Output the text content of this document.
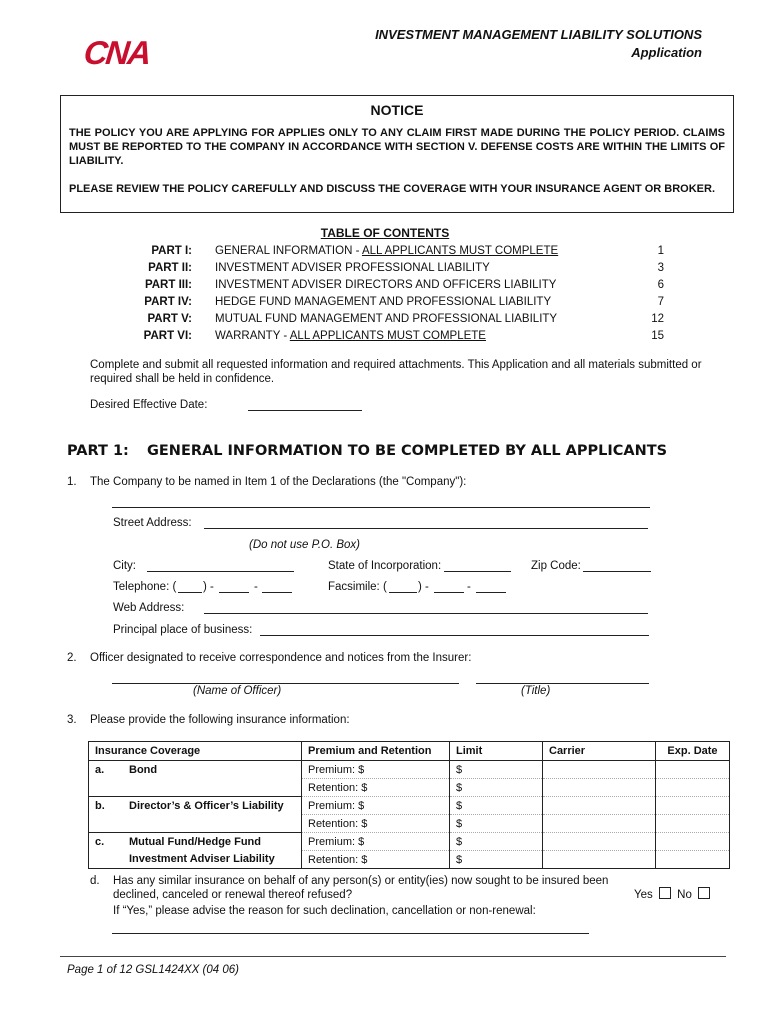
CNA	INVESTMENT MANAGEMENT LIABILITY SOLUTIONS
Application
NOTICE
THE POLICY YOU ARE APPLYING FOR APPLIES ONLY TO ANY CLAIM FIRST MADE DURING THE POLICY PERIOD. CLAIMS MUST BE REPORTED TO THE COMPANY IN ACCORDANCE WITH SECTION V. DEFENSE COSTS ARE WITHIN THE LIMITS OF LIABILITY.
PLEASE REVIEW THE POLICY CAREFULLY AND DISCUSS THE COVERAGE WITH YOUR INSURANCE AGENT OR BROKER.
TABLE OF CONTENTS
PART I: GENERAL INFORMATION - ALL APPLICANTS MUST COMPLETE	1
PART II: INVESTMENT ADVISER PROFESSIONAL LIABILITY	3
PART III: INVESTMENT ADVISER DIRECTORS AND OFFICERS LIABILITY	6
PART IV: HEDGE FUND MANAGEMENT AND PROFESSIONAL LIABILITY	7
PART V: MUTUAL FUND MANAGEMENT AND PROFESSIONAL LIABILITY	12
PART VI: WARRANTY - ALL APPLICANTS MUST COMPLETE	15
Complete and submit all requested information and required attachments. This Application and all materials submitted or required shall be held in confidence.
Desired Effective Date:
PART 1: GENERAL INFORMATION TO BE COMPLETED BY ALL APPLICANTS
1. The Company to be named in Item 1 of the Declarations (the "Company"):
Street Address:
(Do not use P.O. Box)
City:	State of Incorporation:	Zip Code:
Telephone: ( ) -	-	Facsimile: (	) -	-
Web Address:
Principal place of business:
2. Officer designated to receive correspondence and notices from the Insurer:
(Name of Officer)	(Title)
3. Please provide the following insurance information:
Insurance Coverage	Premium and Retention	Limit	Carrier	Exp. Date
a. Bond	Premium: $	$		
	Retention: $	$		
b. Director’s & Officer’s Liability	Premium: $	$		
	Retention: $	$		
c. Mutual Fund/Hedge Fund	Premium: $	$		
Investment Adviser Liability	Retention: $	$		
d. Has any similar insurance on behalf of any person(s) or entity(ies) now sought to be insured been
declined, canceled or renewal thereof refused?	Yes No
If “Yes,” please advise the reason for such declination, cancellation or non-renewal:
Page 1 of 12 GSL1424XX (04 06)
